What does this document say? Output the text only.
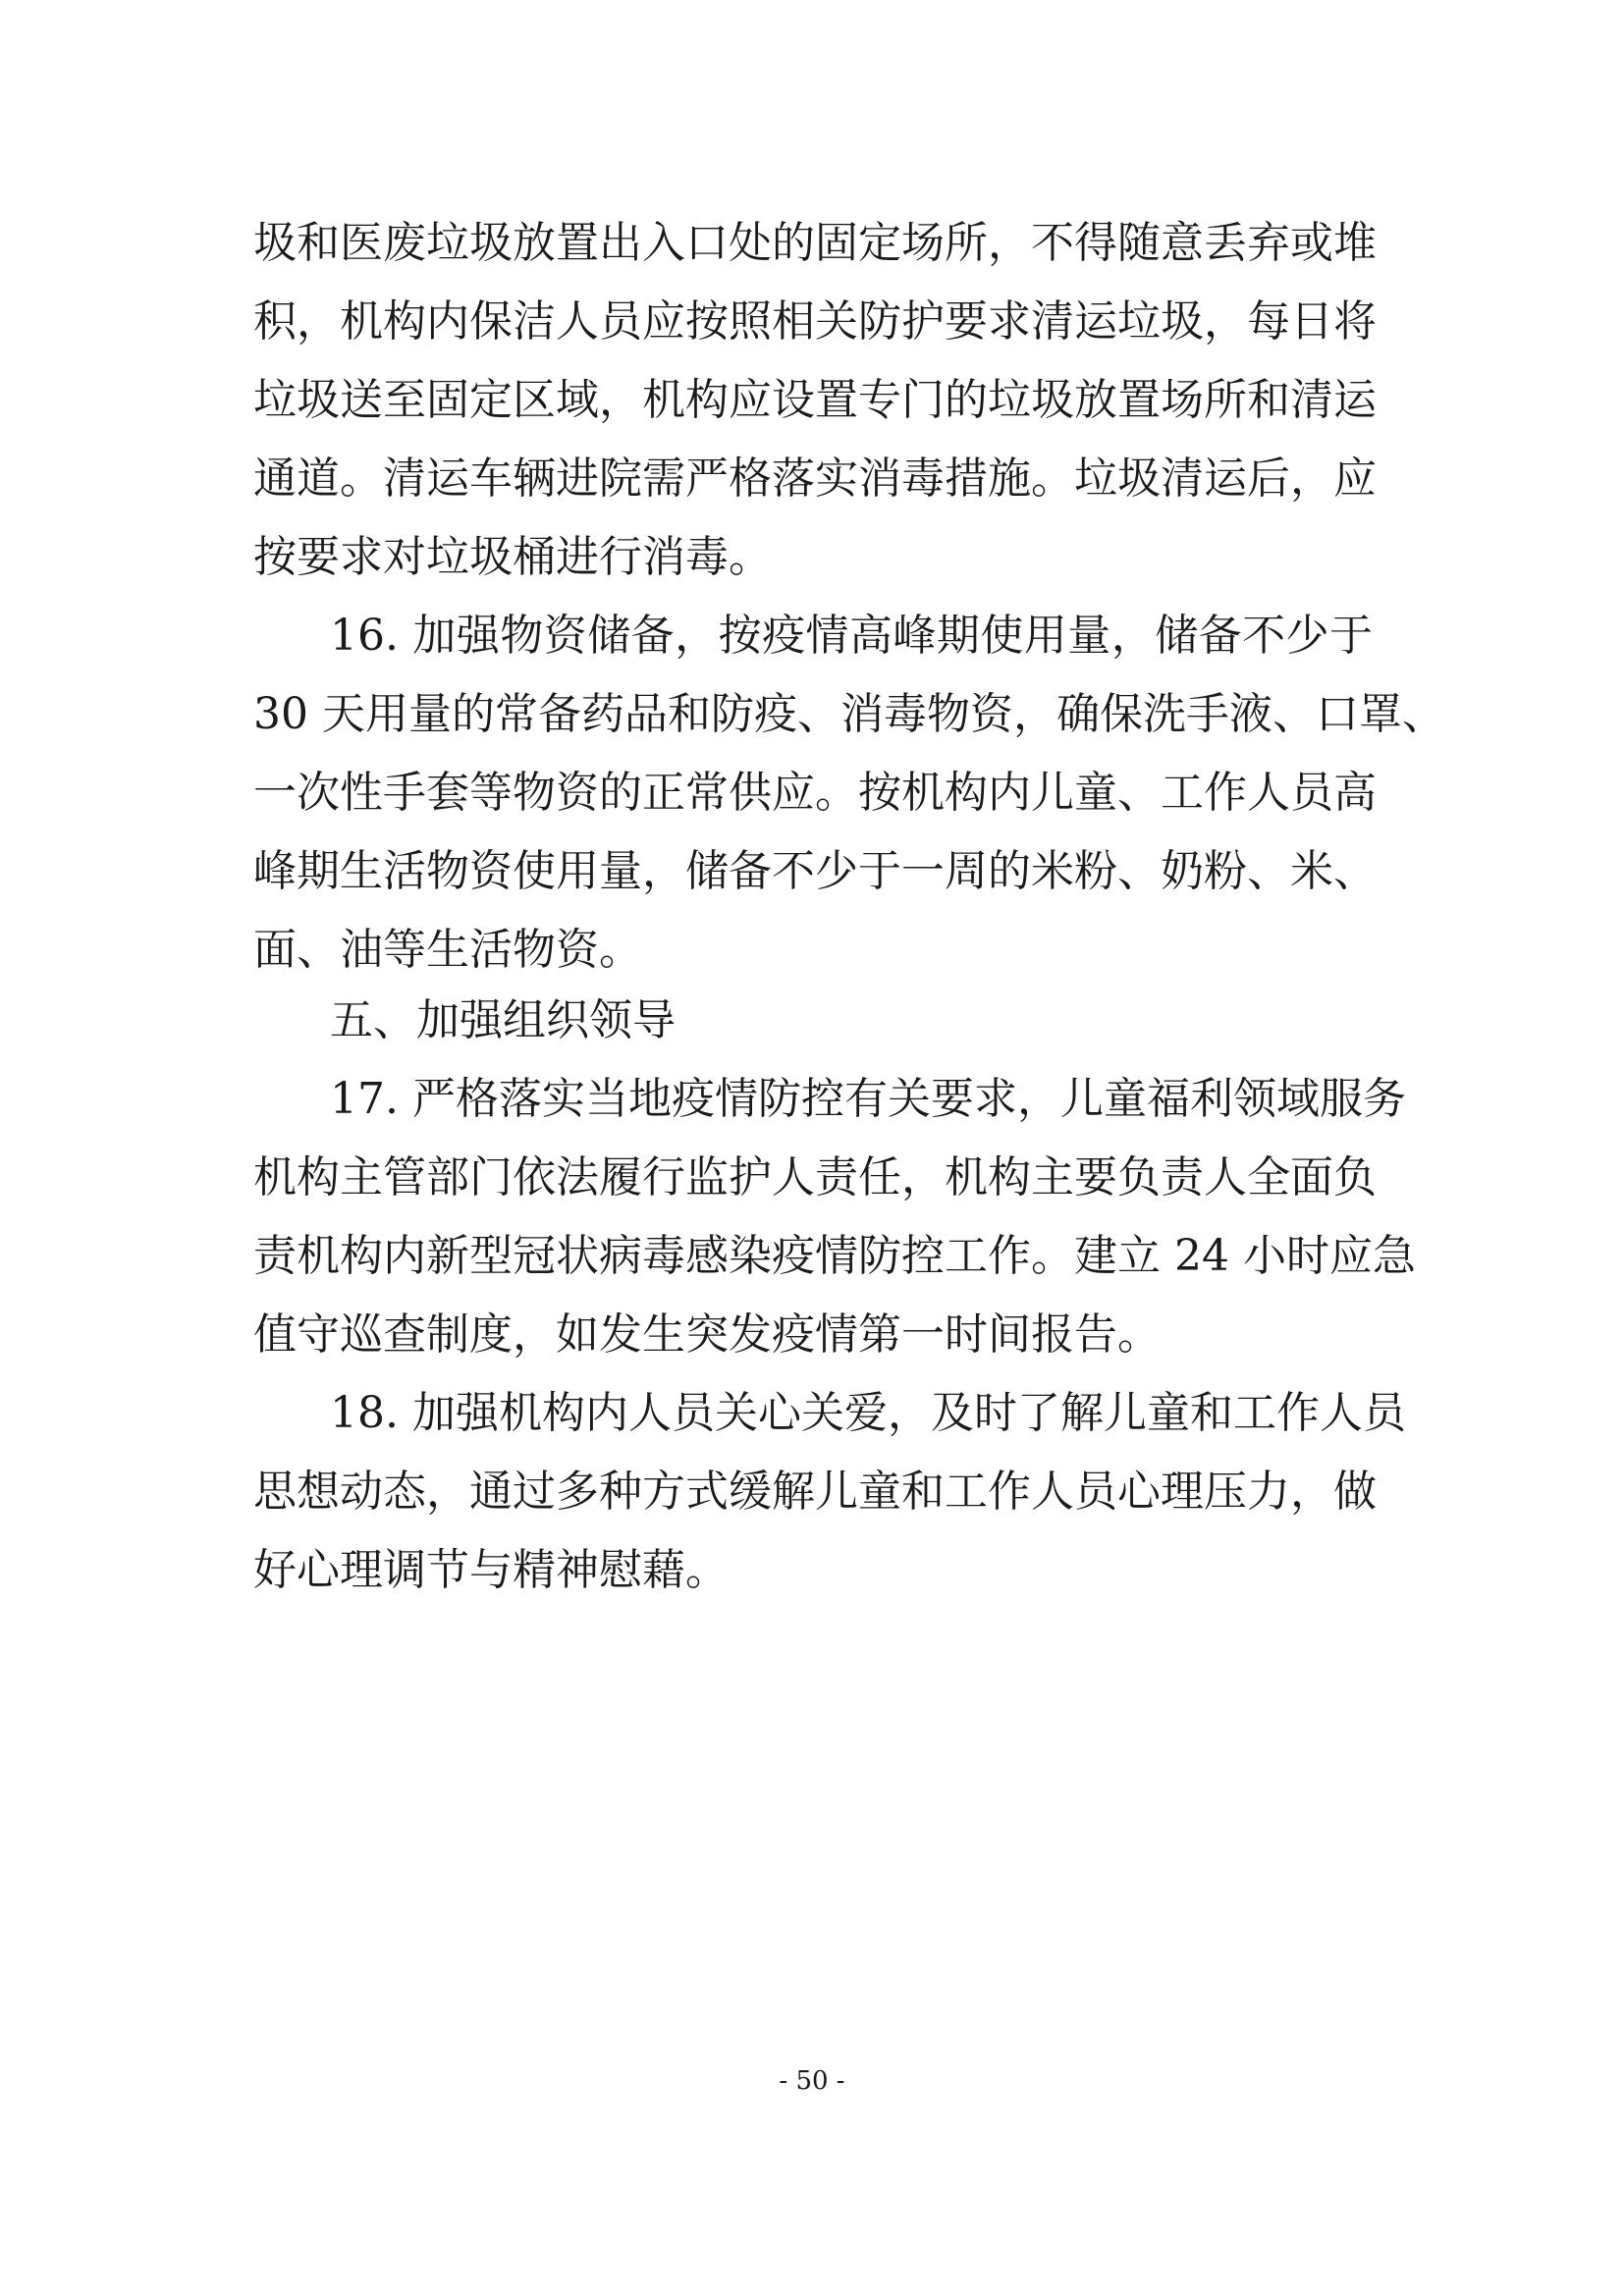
圾和医废垃圾放置出入口处的固定场所，不得随意丢弃或堆
积，机构内保洁人员应按照相关防护要求清运垃圾，每日将
垃圾送至固定区域，机构应设置专门的垃圾放置场所和清运
通道。清运车辆进院需严格落实消毒措施。垃圾清运后，应
按要求对垃圾桶进行消毒。
16. 加强物资储备，按疫情高峰期使用量，储备不少于
30 天用量的常备药品和防疫、消毒物资，确保洗手液、口罩、
一次性手套等物资的正常供应。按机构内儿童、工作人员高
峰期生活物资使用量，储备不少于一周的米粉、奶粉、米、
面、油等生活物资。
五、加强组织领导
17. 严格落实当地疫情防控有关要求，儿童福利领域服务
机构主管部门依法履行监护人责任，机构主要负责人全面负
责机构内新型冠状病毒感染疫情防控工作。建立 24 小时应急
值守巡查制度，如发生突发疫情第一时间报告。
18. 加强机构内人员关心关爱，及时了解儿童和工作人员
思想动态，通过多种方式缓解儿童和工作人员心理压力，做
好心理调节与精神慰藉。
- 50 -
